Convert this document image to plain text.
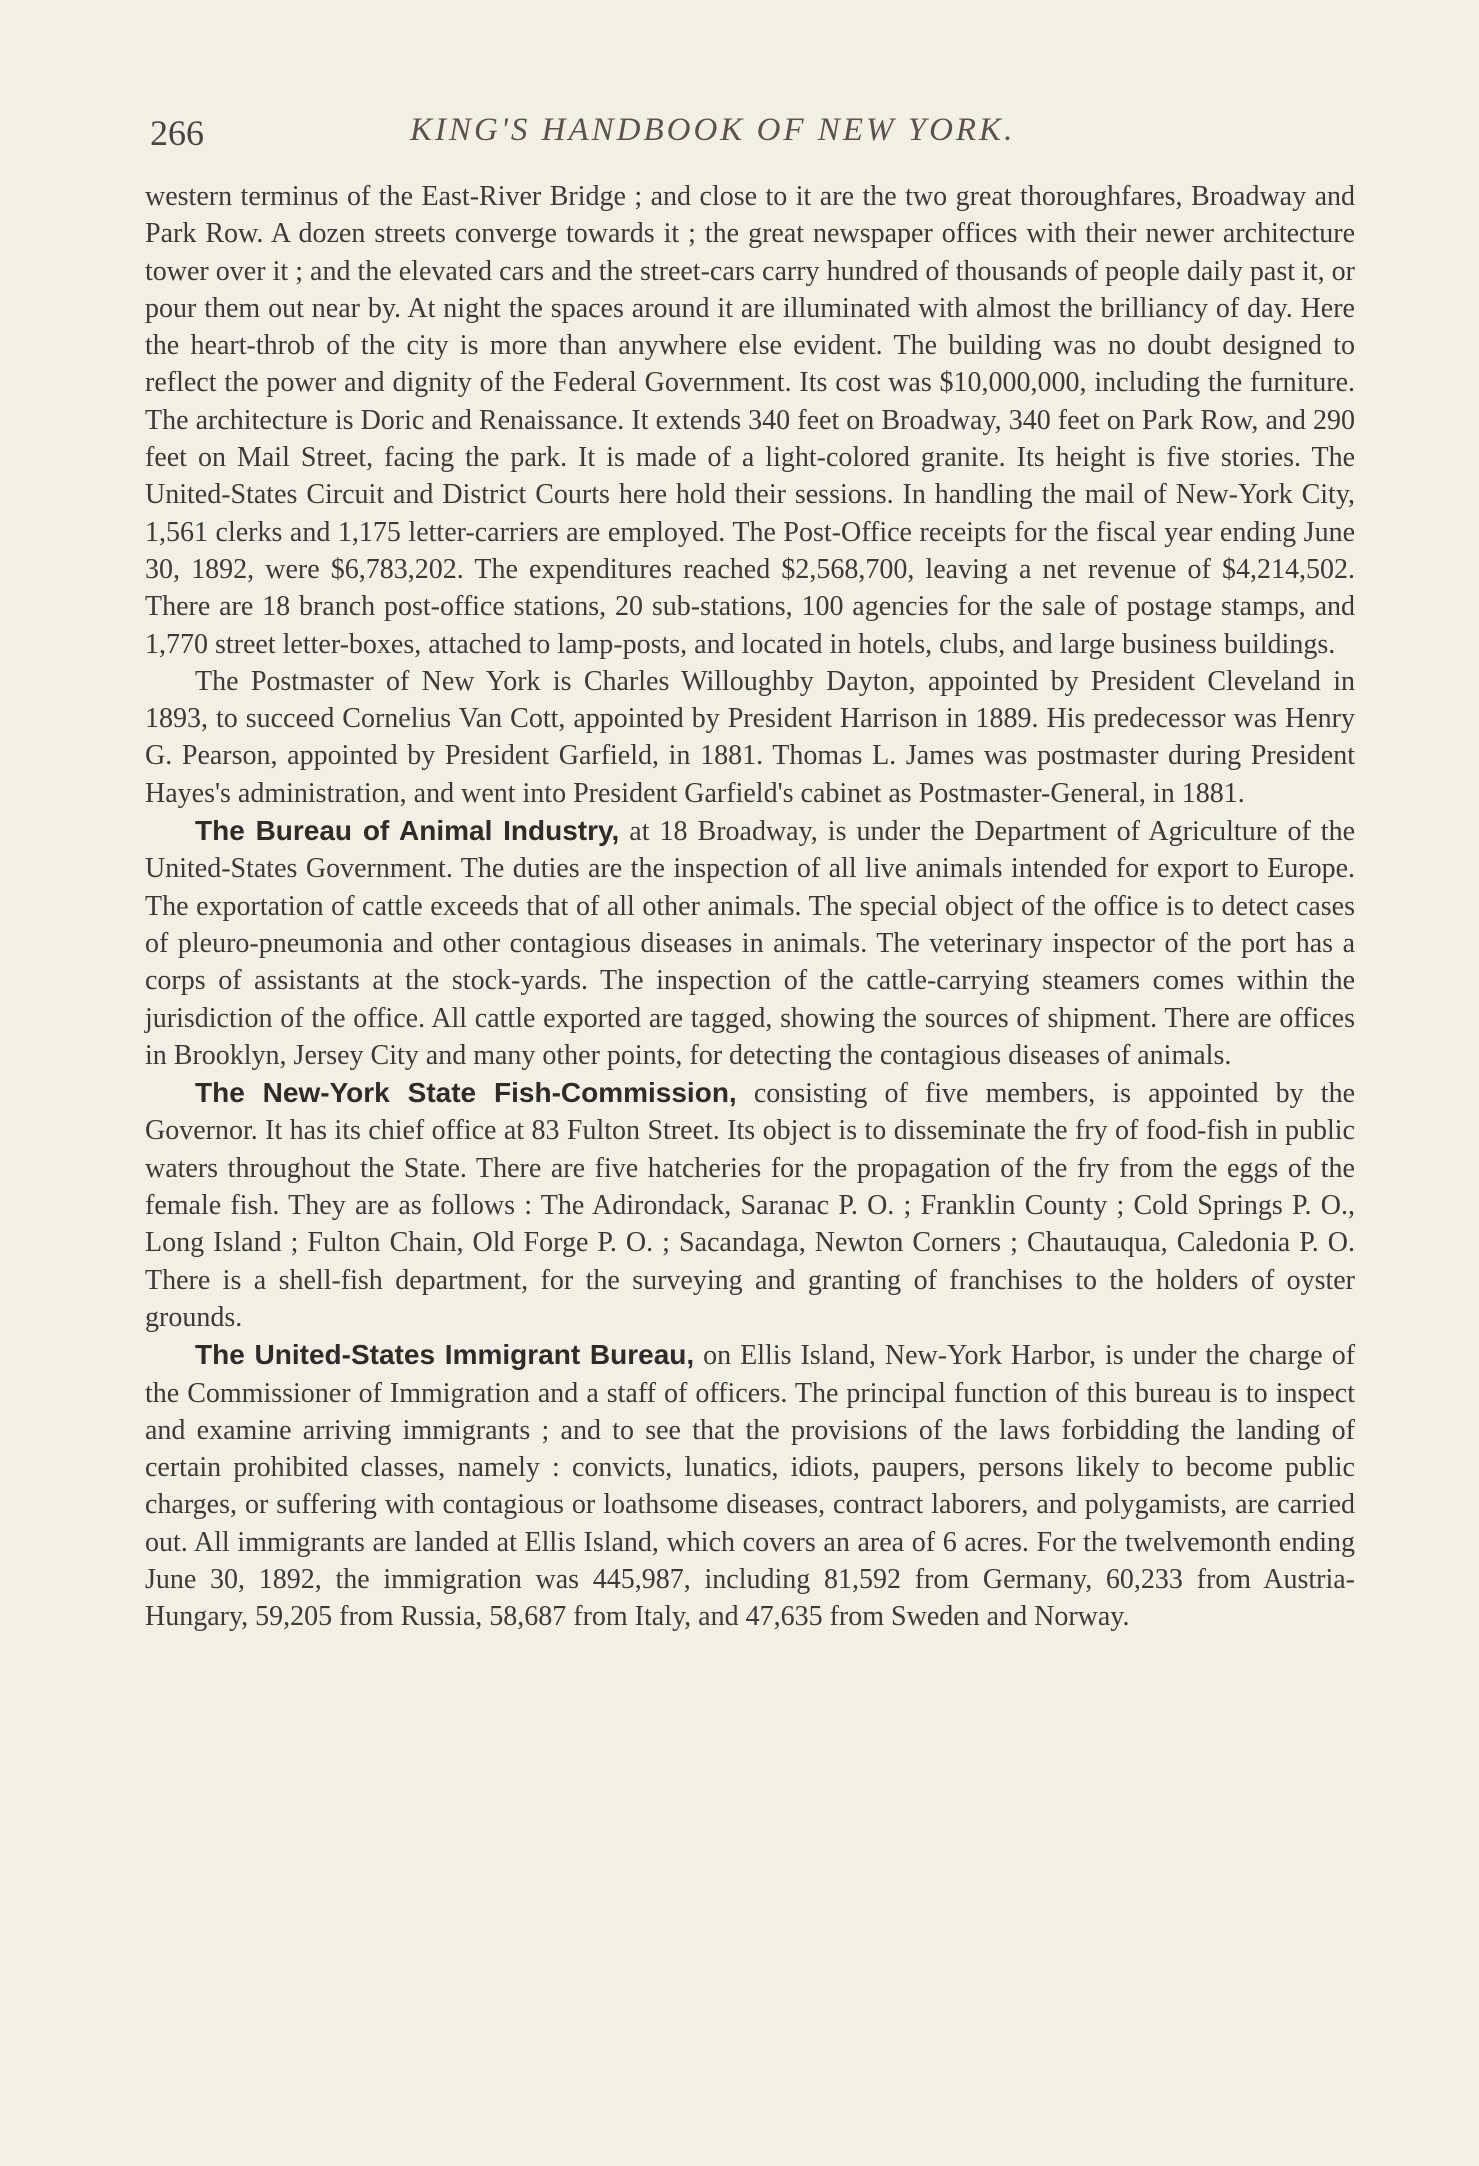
266	KING'S HANDBOOK OF NEW YORK.

western terminus of the East-River Bridge ; and close to it are the two great thoroughfares, Broadway and Park Row. A dozen streets converge towards it ; the great newspaper offices with their newer architecture tower over it ; and the elevated cars and the street-cars carry hundred of thousands of people daily past it, or pour them out near by. At night the spaces around it are illuminated with almost the brilliancy of day. Here the heart-throb of the city is more than anywhere else evident. The building was no doubt designed to reflect the power and dignity of the Federal Government. Its cost was $10,000,000, including the furniture. The architecture is Doric and Renaissance. It extends 340 feet on Broadway, 340 feet on Park Row, and 290 feet on Mail Street, facing the park. It is made of a light-colored granite. Its height is five stories. The United-States Circuit and District Courts here hold their sessions. In handling the mail of New-York City, 1,561 clerks and 1,175 letter-carriers are employed. The Post-Office receipts for the fiscal year ending June 30, 1892, were $6,783,202. The expenditures reached $2,568,700, leaving a net revenue of $4,214,502. There are 18 branch post-office stations, 20 sub-stations, 100 agencies for the sale of postage stamps, and 1,770 street letter-boxes, attached to lamp-posts, and located in hotels, clubs, and large business buildings.

The Postmaster of New York is Charles Willoughby Dayton, appointed by President Cleveland in 1893, to succeed Cornelius Van Cott, appointed by President Harrison in 1889. His predecessor was Henry G. Pearson, appointed by President Garfield, in 1881. Thomas L. James was postmaster during President Hayes's administration, and went into President Garfield's cabinet as Postmaster-General, in 1881.

The Bureau of Animal Industry, at 18 Broadway, is under the Department of Agriculture of the United-States Government. The duties are the inspection of all live animals intended for export to Europe. The exportation of cattle exceeds that of all other animals. The special object of the office is to detect cases of pleuro-pneumonia and other contagious diseases in animals. The veterinary inspector of the port has a corps of assistants at the stock-yards. The inspection of the cattle-carrying steamers comes within the jurisdiction of the office. All cattle exported are tagged, showing the sources of shipment. There are offices in Brooklyn, Jersey City and many other points, for detecting the contagious diseases of animals.

The New-York State Fish-Commission, consisting of five members, is appointed by the Governor. It has its chief office at 83 Fulton Street. Its object is to disseminate the fry of food-fish in public waters throughout the State. There are five hatcheries for the propagation of the fry from the eggs of the female fish. They are as follows : The Adirondack, Saranac P. O. ; Franklin County ; Cold Springs P. O., Long Island ; Fulton Chain, Old Forge P. O. ; Sacandaga, Newton Corners ; Chautauqua, Caledonia P. O. There is a shell-fish department, for the surveying and granting of franchises to the holders of oyster grounds.

The United-States Immigrant Bureau, on Ellis Island, New-York Harbor, is under the charge of the Commissioner of Immigration and a staff of officers. The principal function of this bureau is to inspect and examine arriving immigrants ; and to see that the provisions of the laws forbidding the landing of certain prohibited classes, namely : convicts, lunatics, idiots, paupers, persons likely to become public charges, or suffering with contagious or loathsome diseases, contract laborers, and polygamists, are carried out. All immigrants are landed at Ellis Island, which covers an area of 6 acres. For the twelvemonth ending June 30, 1892, the immigration was 445,987, including 81,592 from Germany, 60,233 from Austria-Hungary, 59,205 from Russia, 58,687 from Italy, and 47,635 from Sweden and Norway.
